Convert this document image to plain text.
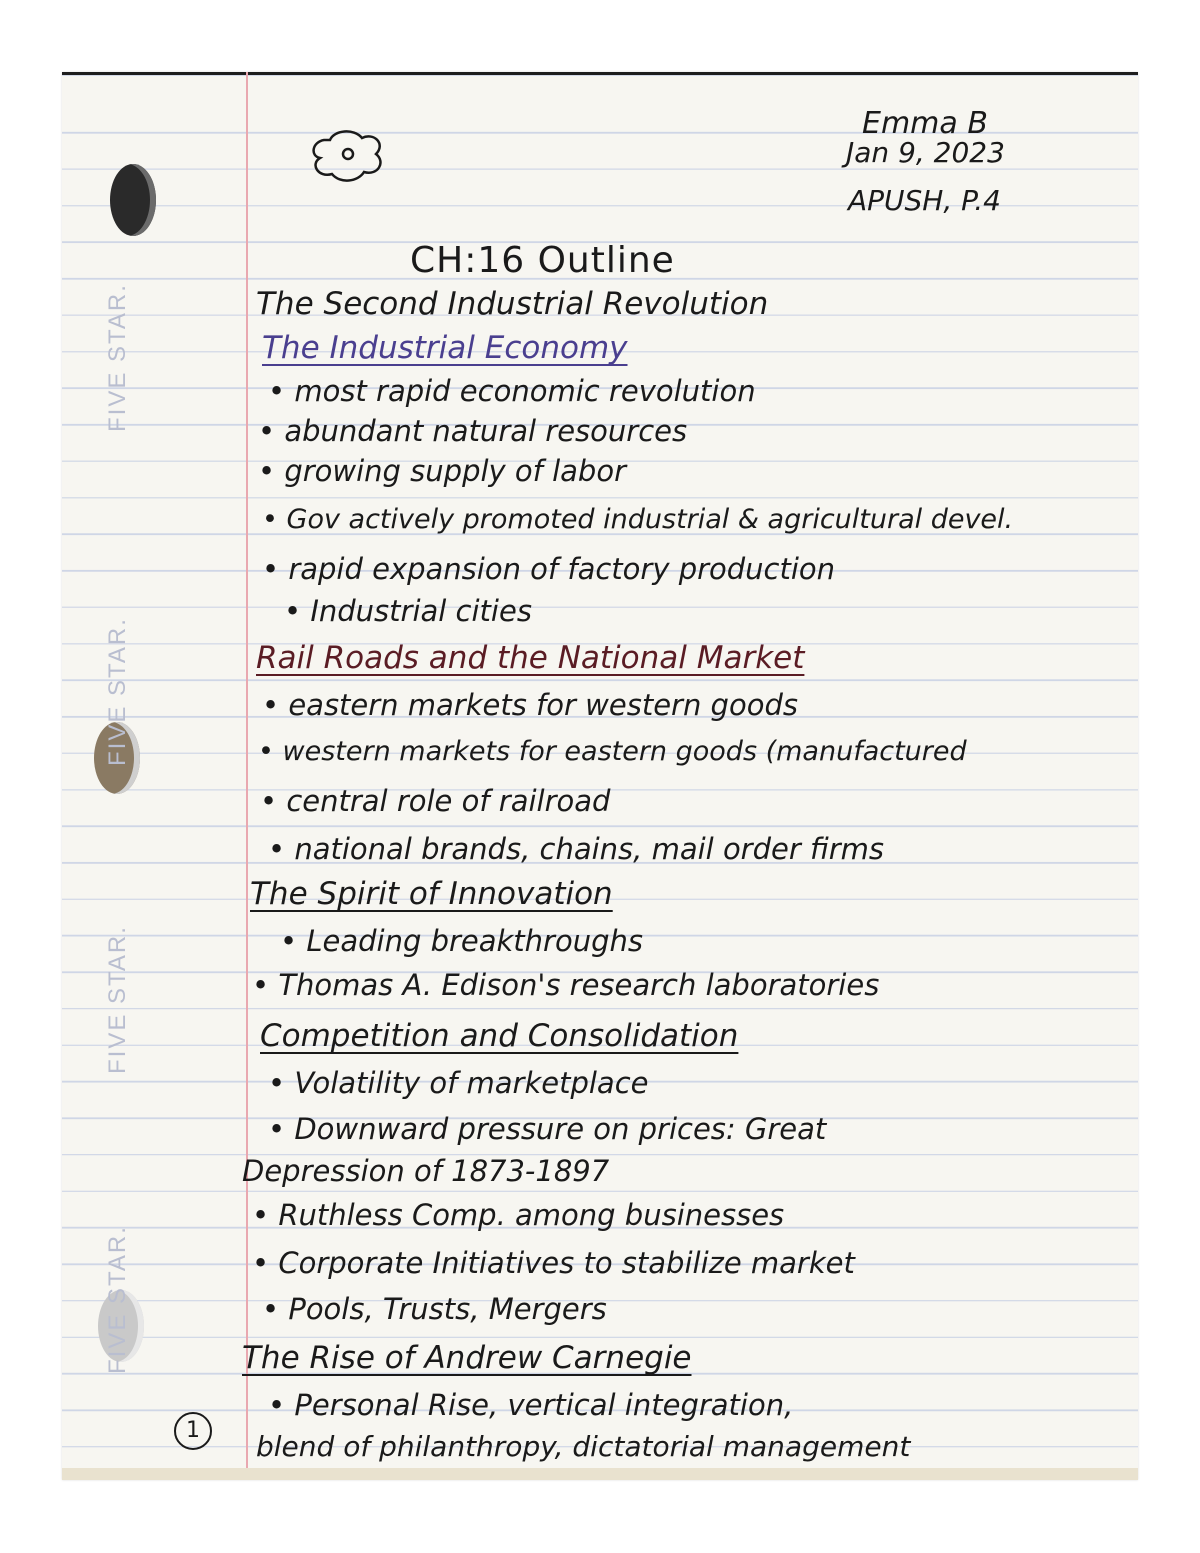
FIVE STAR.
FIVE STAR.
FIVE STAR.
Emma B
Jan 9, 2023
APUSH, P.4
CH:16 Outline
The Second Industrial Revolution
The Industrial Economy
• most rapid economic revolution
• abundant natural resources
• growing supply of labor
• Gov actively promoted industrial & agricultural devel.
• rapid expansion of factory production
• Industrial cities
Rail Roads and the National Market
• eastern markets for western goods
• western markets for eastern goods (manufactured
• central role of railroad
• national brands, chains, mail order firms
The Spirit of Innovation
• Leading breakthroughs
• Thomas A. Edison's research laboratories
Competition and Consolidation
• Volatility of marketplace
• Downward pressure on prices: Great
Depression of 1873-1897
• Ruthless Comp. among businesses
• Corporate Initiatives to stabilize market
• Pools, Trusts, Mergers
The Rise of Andrew Carnegie
• Personal Rise, vertical integration,
blend of philanthropy, dictatorial management
1
